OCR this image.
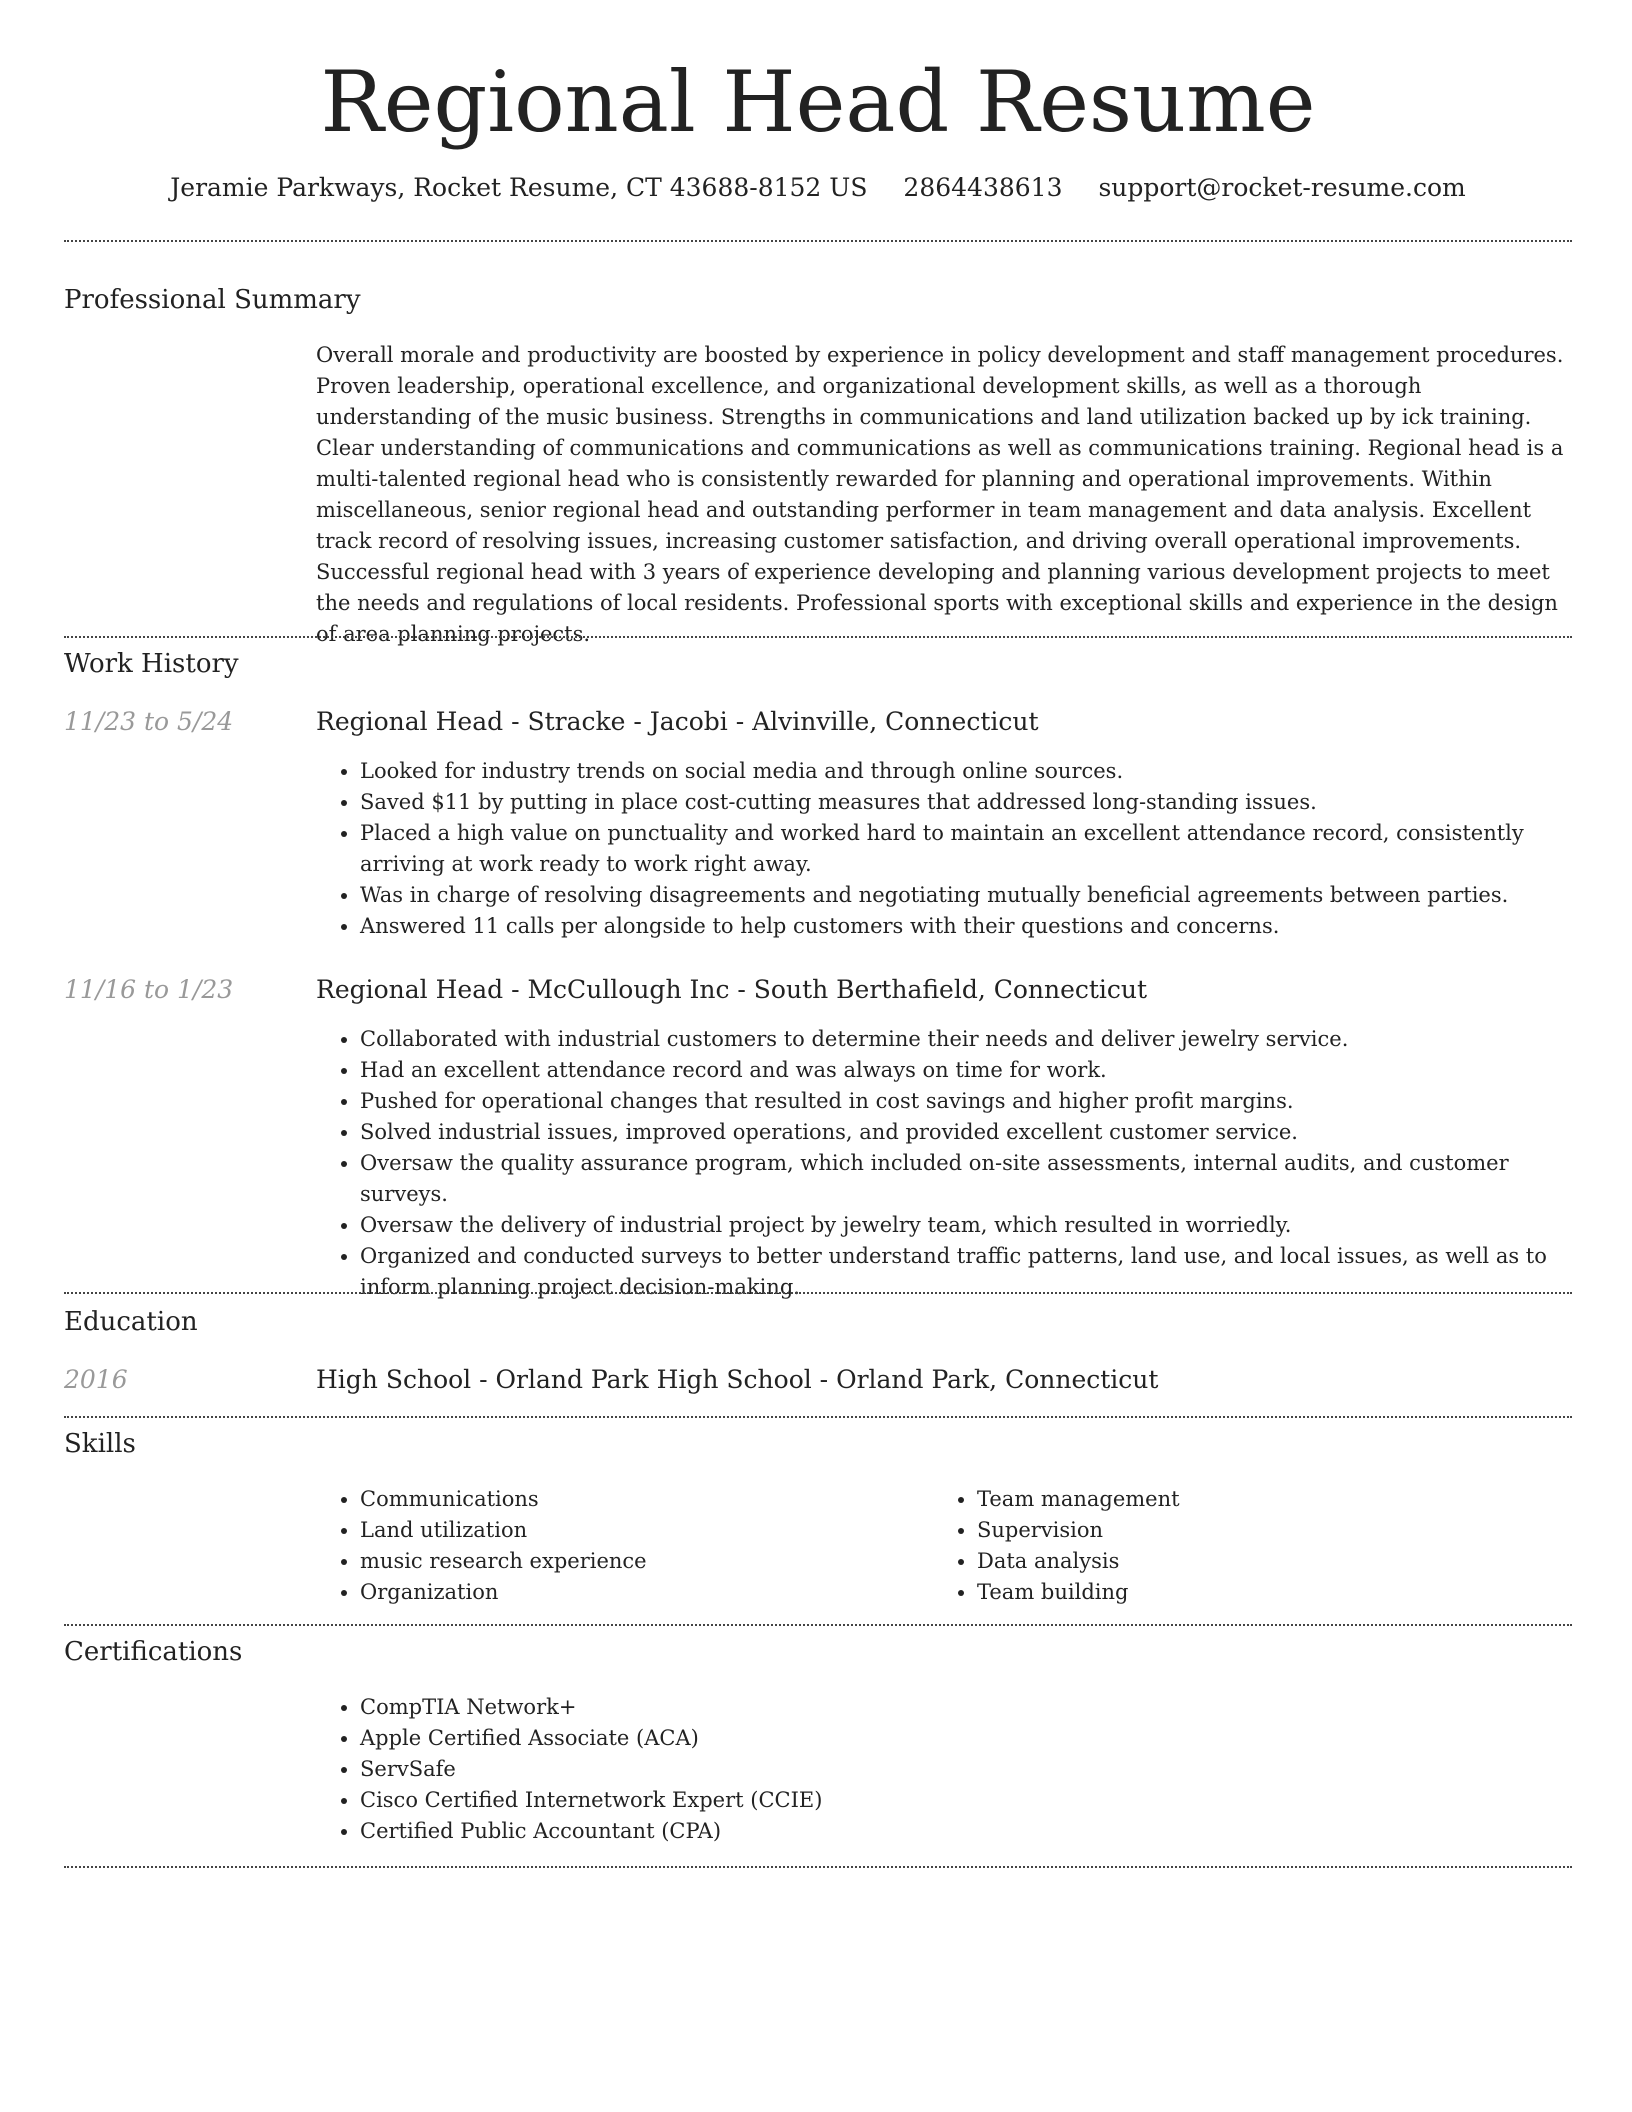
Regional Head Resume
Jeramie Parkways, Rocket Resume, CT 43688-8152 US 2864438613 support@rocket-resume.com
Professional Summary

Overall morale and productivity are boosted by experience in policy development and staff management procedures. Proven leadership, operational excellence, and organizational development skills, as well as a thorough understanding of the music business. Strengths in communications and land utilization backed up by ick training. Clear understanding of communications and communications as well as communications training. Regional head is a multi-talented regional head who is consistently rewarded for planning and operational improvements. Within miscellaneous, senior regional head and outstanding performer in team management and data analysis. Excellent track record of resolving issues, increasing customer satisfaction, and driving overall operational improvements. Successful regional head with 3 years of experience developing and planning various development projects to meet the needs and regulations of local residents. Professional sports with exceptional skills and experience in the design of area planning projects.

Work History
11/23 to 5/24	Regional Head - Stracke - Jacobi - Alvinville, Connecticut
• Looked for industry trends on social media and through online sources.
• Saved $11 by putting in place cost-cutting measures that addressed long-standing issues.
• Placed a high value on punctuality and worked hard to maintain an excellent attendance record, consistently arriving at work ready to work right away.
• Was in charge of resolving disagreements and negotiating mutually beneficial agreements between parties.
• Answered 11 calls per alongside to help customers with their questions and concerns.
11/16 to 1/23	Regional Head - McCullough Inc - South Berthafield, Connecticut
• Collaborated with industrial customers to determine their needs and deliver jewelry service.
• Had an excellent attendance record and was always on time for work.
• Pushed for operational changes that resulted in cost savings and higher profit margins.
• Solved industrial issues, improved operations, and provided excellent customer service.
• Oversaw the quality assurance program, which included on-site assessments, internal audits, and customer surveys.
• Oversaw the delivery of industrial project by jewelry team, which resulted in worriedly.
• Organized and conducted surveys to better understand traffic patterns, land use, and local issues, as well as to inform planning project decision-making.
Education
2016	High School - Orland Park High School - Orland Park, Connecticut
Skills
• Communications
• Land utilization
• music research experience
• Organization
• Team management
• Supervision
• Data analysis
• Team building
Certifications
• CompTIA Network+
• Apple Certified Associate (ACA)
• ServSafe
• Cisco Certified Internetwork Expert (CCIE)
• Certified Public Accountant (CPA)
